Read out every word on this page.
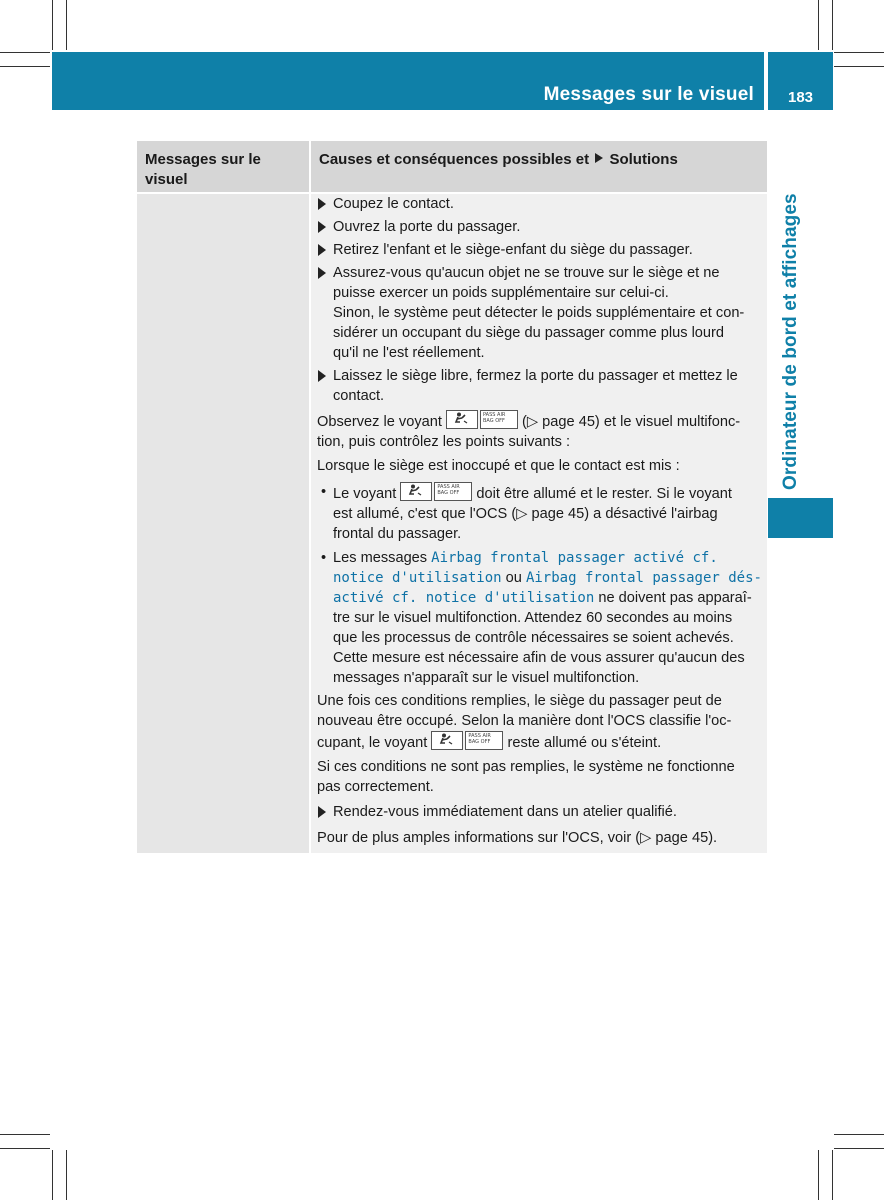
Messages sur le visuel	183
Ordinateur de bord et affichages
Messages sur le visuel
Causes et conséquences possibles et Solutions
Coupez le contact.
Ouvrez la porte du passager.
Retirez l'enfant et le siège-enfant du siège du passager.
Assurez-vous qu'aucun objet ne se trouve sur le siège et ne
puisse exercer un poids supplémentaire sur celui-ci.
Sinon, le système peut détecter le poids supplémentaire et con-
sidérer un occupant du siège du passager comme plus lourd
qu'il ne l'est réellement.
Laissez le siège libre, fermez la porte du passager et mettez le
contact.
Observez le voyant	PASS AIR BAG OFF	(▷ page 45) et le visuel multifonc-
tion, puis contrôlez les points suivants :
Lorsque le siège est inoccupé et que le contact est mis :
• Le voyant	PASS AIR BAG OFF	doit être allumé et le rester. Si le voyant
est allumé, c'est que l'OCS (▷ page 45) a désactivé l'airbag
frontal du passager.
• Les messages Airbag frontal passager activé cf.
notice d'utilisation ou Airbag frontal passager dés-
activé cf. notice d'utilisation ne doivent pas apparaî-
tre sur le visuel multifonction. Attendez 60 secondes au moins
que les processus de contrôle nécessaires se soient achevés.
Cette mesure est nécessaire afin de vous assurer qu'aucun des
messages n'apparaît sur le visuel multifonction.
Une fois ces conditions remplies, le siège du passager peut de
nouveau être occupé. Selon la manière dont l'OCS classifie l'oc-
cupant, le voyant	PASS AIR BAG OFF	reste allumé ou s'éteint.
Si ces conditions ne sont pas remplies, le système ne fonctionne
pas correctement.
Rendez-vous immédiatement dans un atelier qualifié.
Pour de plus amples informations sur l'OCS, voir (▷ page 45).
